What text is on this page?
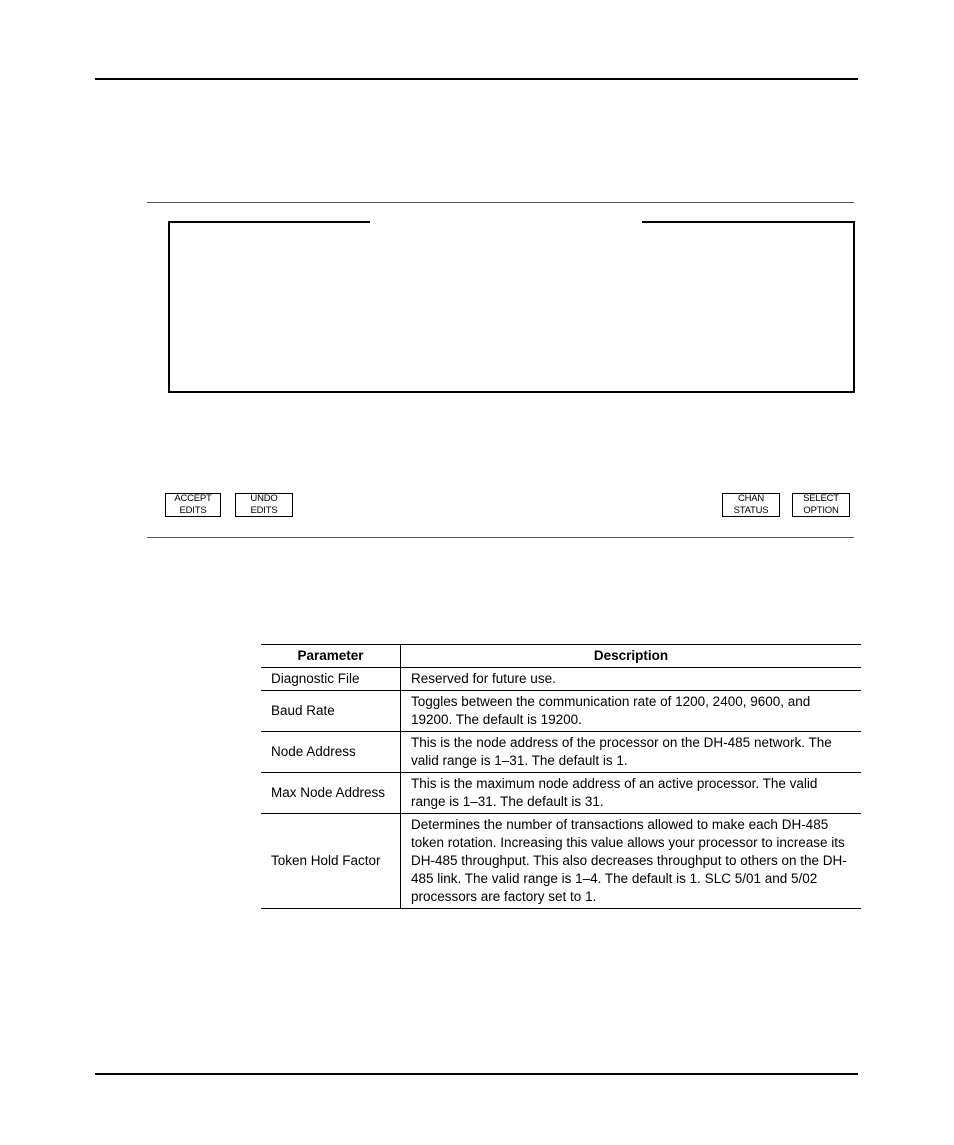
ACCEPT
EDITS
UNDO
EDITS
CHAN
STATUS
SELECT
OPTION
Parameter	Description
Diagnostic File	Reserved for future use.
Baud Rate	Toggles between the communication rate of 1200, 2400, 9600, and 19200. The default is 19200.
Node Address	This is the node address of the processor on the DH-485 network. The valid range is 1–31. The default is 1.
Max Node Address	This is the maximum node address of an active processor. The valid range is 1–31. The default is 31.
Token Hold Factor	Determines the number of transactions allowed to make each DH-485 token rotation. Increasing this value allows your processor to increase its DH-485 throughput. This also decreases throughput to others on the DH-485 link. The valid range is 1–4. The default is 1. SLC 5/01 and 5/02 processors are factory set to 1.
